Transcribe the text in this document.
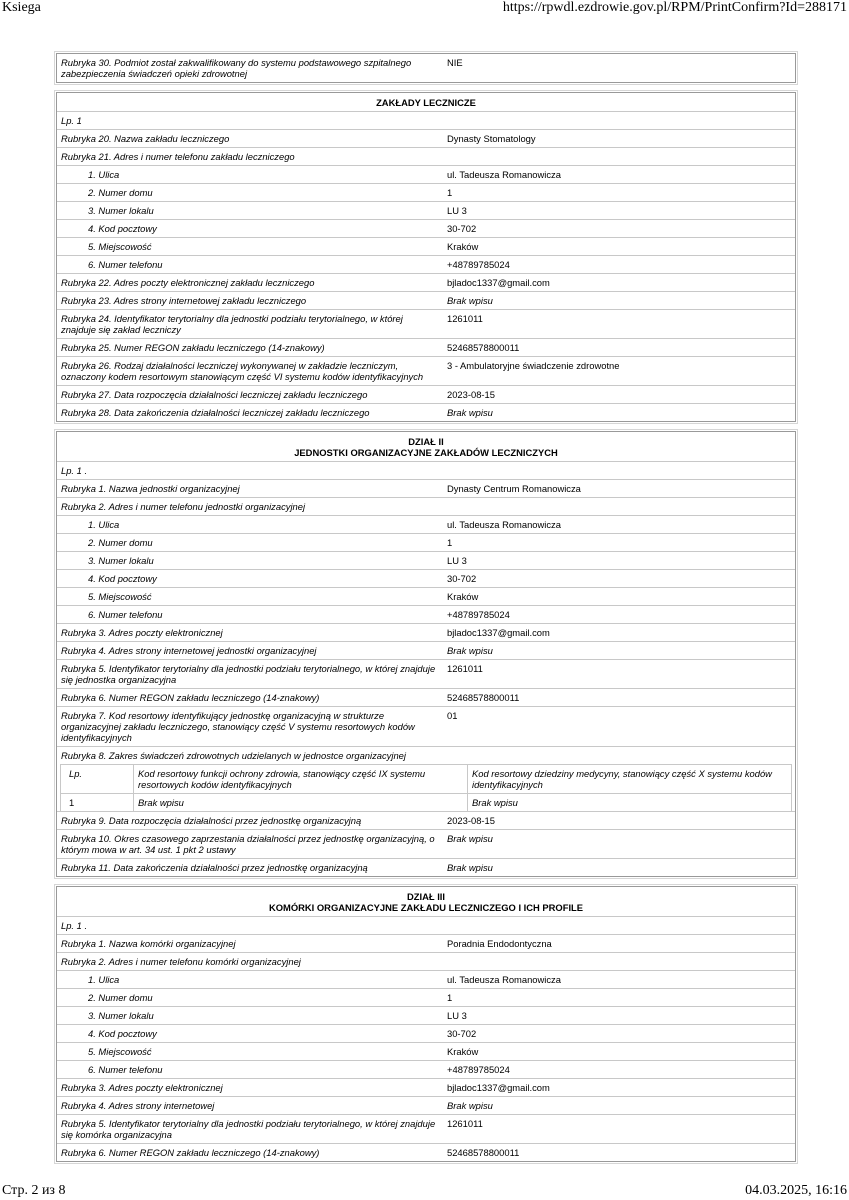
Ksiega	https://rpwdl.ezdrowie.gov.pl/RPM/PrintConfirm?Id=288171
Rubryka 30. Podmiot został zakwalifikowany do systemu podstawowego szpitalnego zabezpieczenia świadczeń opieki zdrowotnej
NIE
ZAKŁADY LECZNICZE
Lp. 1
Rubryka 20. Nazwa zakładu leczniczego	Dynasty Stomatology
Rubryka 21. Adres i numer telefonu zakładu leczniczego
1. Ulica	ul. Tadeusza Romanowicza
2. Numer domu	1
3. Numer lokalu	LU 3
4. Kod pocztowy	30-702
5. Miejscowość	Kraków
6. Numer telefonu	+48789785024
Rubryka 22. Adres poczty elektronicznej zakładu leczniczego	bjladoc1337@gmail.com
Rubryka 23. Adres strony internetowej zakładu leczniczego	Brak wpisu
Rubryka 24. Identyfikator terytorialny dla jednostki podziału terytorialnego, w której znajduje się zakład leczniczy
1261011
Rubryka 25. Numer REGON zakładu leczniczego (14-znakowy)	52468578800011
Rubryka 26. Rodzaj działalności leczniczej wykonywanej w zakładzie leczniczym, oznaczony kodem resortowym stanowiącym część VI systemu kodów identyfikacyjnych
3 - Ambulatoryjne świadczenie zdrowotne
Rubryka 27. Data rozpoczęcia działalności leczniczej zakładu leczniczego	2023-08-15
Rubryka 28. Data zakończenia działalności leczniczej zakładu leczniczego	Brak wpisu
DZIAŁ II
JEDNOSTKI ORGANIZACYJNE ZAKŁADÓW LECZNICZYCH
Lp. 1 .
Rubryka 1. Nazwa jednostki organizacyjnej	Dynasty Centrum Romanowicza
Rubryka 2. Adres i numer telefonu jednostki organizacyjnej
1. Ulica	ul. Tadeusza Romanowicza
2. Numer domu	1
3. Numer lokalu	LU 3
4. Kod pocztowy	30-702
5. Miejscowość	Kraków
6. Numer telefonu	+48789785024
Rubryka 3. Adres poczty elektronicznej	bjladoc1337@gmail.com
Rubryka 4. Adres strony internetowej jednostki organizacyjnej	Brak wpisu
Rubryka 5. Identyfikator terytorialny dla jednostki podziału terytorialnego, w której znajduje się jednostka organizacyjna
1261011
Rubryka 6. Numer REGON zakładu leczniczego (14-znakowy)	52468578800011
Rubryka 7. Kod resortowy identyfikujący jednostkę organizacyjną w strukturze organizacyjnej zakładu leczniczego, stanowiący część V systemu resortowych kodów identyfikacyjnych
01
Rubryka 8. Zakres świadczeń zdrowotnych udzielanych w jednostce organizacyjnej
Lp.	Kod resortowy funkcji ochrony zdrowia, stanowiący część IX systemu resortowych kodów identyfikacyjnych
Kod resortowy dziedziny medycyny, stanowiący część X systemu kodów identyfikacyjnych
1	Brak wpisu	Brak wpisu
Rubryka 9. Data rozpoczęcia działalności przez jednostkę organizacyjną	2023-08-15
Rubryka 10. Okres czasowego zaprzestania działalności przez jednostkę organizacyjną, o którym mowa w art. 34 ust. 1 pkt 2 ustawy
Brak wpisu
Rubryka 11. Data zakończenia działalności przez jednostkę organizacyjną	Brak wpisu
DZIAŁ III
KOMÓRKI ORGANIZACYJNE ZAKŁADU LECZNICZEGO I ICH PROFILE
Lp. 1 .
Rubryka 1. Nazwa komórki organizacyjnej	Poradnia Endodontyczna
Rubryka 2. Adres i numer telefonu komórki organizacyjnej
1. Ulica	ul. Tadeusza Romanowicza
2. Numer domu	1
3. Numer lokalu	LU 3
4. Kod pocztowy	30-702
5. Miejscowość	Kraków
6. Numer telefonu	+48789785024
Rubryka 3. Adres poczty elektronicznej	bjladoc1337@gmail.com
Rubryka 4. Adres strony internetowej	Brak wpisu
Rubryka 5. Identyfikator terytorialny dla jednostki podziału terytorialnego, w której znajduje się komórka organizacyjna
1261011
Rubryka 6. Numer REGON zakładu leczniczego (14-znakowy)	52468578800011
Стр. 2 из 8	04.03.2025, 16:16
